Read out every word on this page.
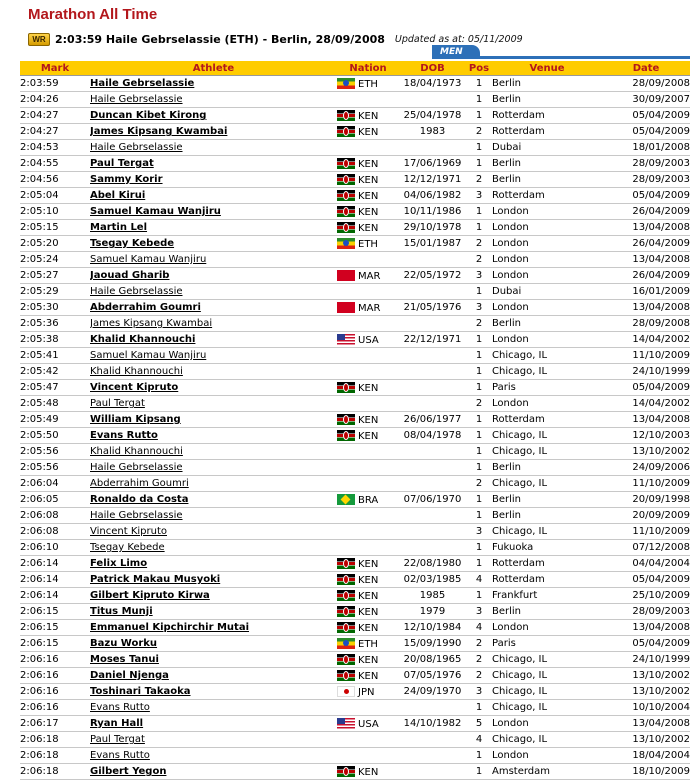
Marathon All Time
WR 2:03:59 Haile Gebrselassie (ETH) - Berlin, 28/09/2008 Updated as at: 05/11/2009
MEN
Mark	Athlete	Nation	DOB	Pos	Venue	Date
2:03:59	Haile Gebrselassie	ETH	18/04/1973	1	Berlin	28/09/2008
2:04:26	Haile Gebrselassie			1	Berlin	30/09/2007
2:04:27	Duncan Kibet Kirong	KEN	25/04/1978	1	Rotterdam	05/04/2009
2:04:27	James Kipsang Kwambai	KEN	1983	2	Rotterdam	05/04/2009
2:04:53	Haile Gebrselassie			1	Dubai	18/01/2008
2:04:55	Paul Tergat	KEN	17/06/1969	1	Berlin	28/09/2003
2:04:56	Sammy Korir	KEN	12/12/1971	2	Berlin	28/09/2003
2:05:04	Abel Kirui	KEN	04/06/1982	3	Rotterdam	05/04/2009
2:05:10	Samuel Kamau Wanjiru	KEN	10/11/1986	1	London	26/04/2009
2:05:15	Martin Lel	KEN	29/10/1978	1	London	13/04/2008
2:05:20	Tsegay Kebede	ETH	15/01/1987	2	London	26/04/2009
2:05:24	Samuel Kamau Wanjiru			2	London	13/04/2008
2:05:27	Jaouad Gharib	MAR	22/05/1972	3	London	26/04/2009
2:05:29	Haile Gebrselassie			1	Dubai	16/01/2009
2:05:30	Abderrahim Goumri	MAR	21/05/1976	3	London	13/04/2008
2:05:36	James Kipsang Kwambai			2	Berlin	28/09/2008
2:05:38	Khalid Khannouchi	USA	22/12/1971	1	London	14/04/2002
2:05:41	Samuel Kamau Wanjiru			1	Chicago, IL	11/10/2009
2:05:42	Khalid Khannouchi			1	Chicago, IL	24/10/1999
2:05:47	Vincent Kipruto	KEN		1	Paris	05/04/2009
2:05:48	Paul Tergat			2	London	14/04/2002
2:05:49	William Kipsang	KEN	26/06/1977	1	Rotterdam	13/04/2008
2:05:50	Evans Rutto	KEN	08/04/1978	1	Chicago, IL	12/10/2003
2:05:56	Khalid Khannouchi			1	Chicago, IL	13/10/2002
2:05:56	Haile Gebrselassie			1	Berlin	24/09/2006
2:06:04	Abderrahim Goumri			2	Chicago, IL	11/10/2009
2:06:05	Ronaldo da Costa	BRA	07/06/1970	1	Berlin	20/09/1998
2:06:08	Haile Gebrselassie			1	Berlin	20/09/2009
2:06:08	Vincent Kipruto			3	Chicago, IL	11/10/2009
2:06:10	Tsegay Kebede			1	Fukuoka	07/12/2008
2:06:14	Felix Limo	KEN	22/08/1980	1	Rotterdam	04/04/2004
2:06:14	Patrick Makau Musyoki	KEN	02/03/1985	4	Rotterdam	05/04/2009
2:06:14	Gilbert Kipruto Kirwa	KEN	1985	1	Frankfurt	25/10/2009
2:06:15	Titus Munji	KEN	1979	3	Berlin	28/09/2003
2:06:15	Emmanuel Kipchirchir Mutai	KEN	12/10/1984	4	London	13/04/2008
2:06:15	Bazu Worku	ETH	15/09/1990	2	Paris	05/04/2009
2:06:16	Moses Tanui	KEN	20/08/1965	2	Chicago, IL	24/10/1999
2:06:16	Daniel Njenga	KEN	07/05/1976	2	Chicago, IL	13/10/2002
2:06:16	Toshinari Takaoka	JPN	24/09/1970	3	Chicago, IL	13/10/2002
2:06:16	Evans Rutto			1	Chicago, IL	10/10/2004
2:06:17	Ryan Hall	USA	14/10/1982	5	London	13/04/2008
2:06:18	Paul Tergat			4	Chicago, IL	13/10/2002
2:06:18	Evans Rutto			1	London	18/04/2004
2:06:18	Gilbert Yegon	KEN		1	Amsterdam	18/10/2009
